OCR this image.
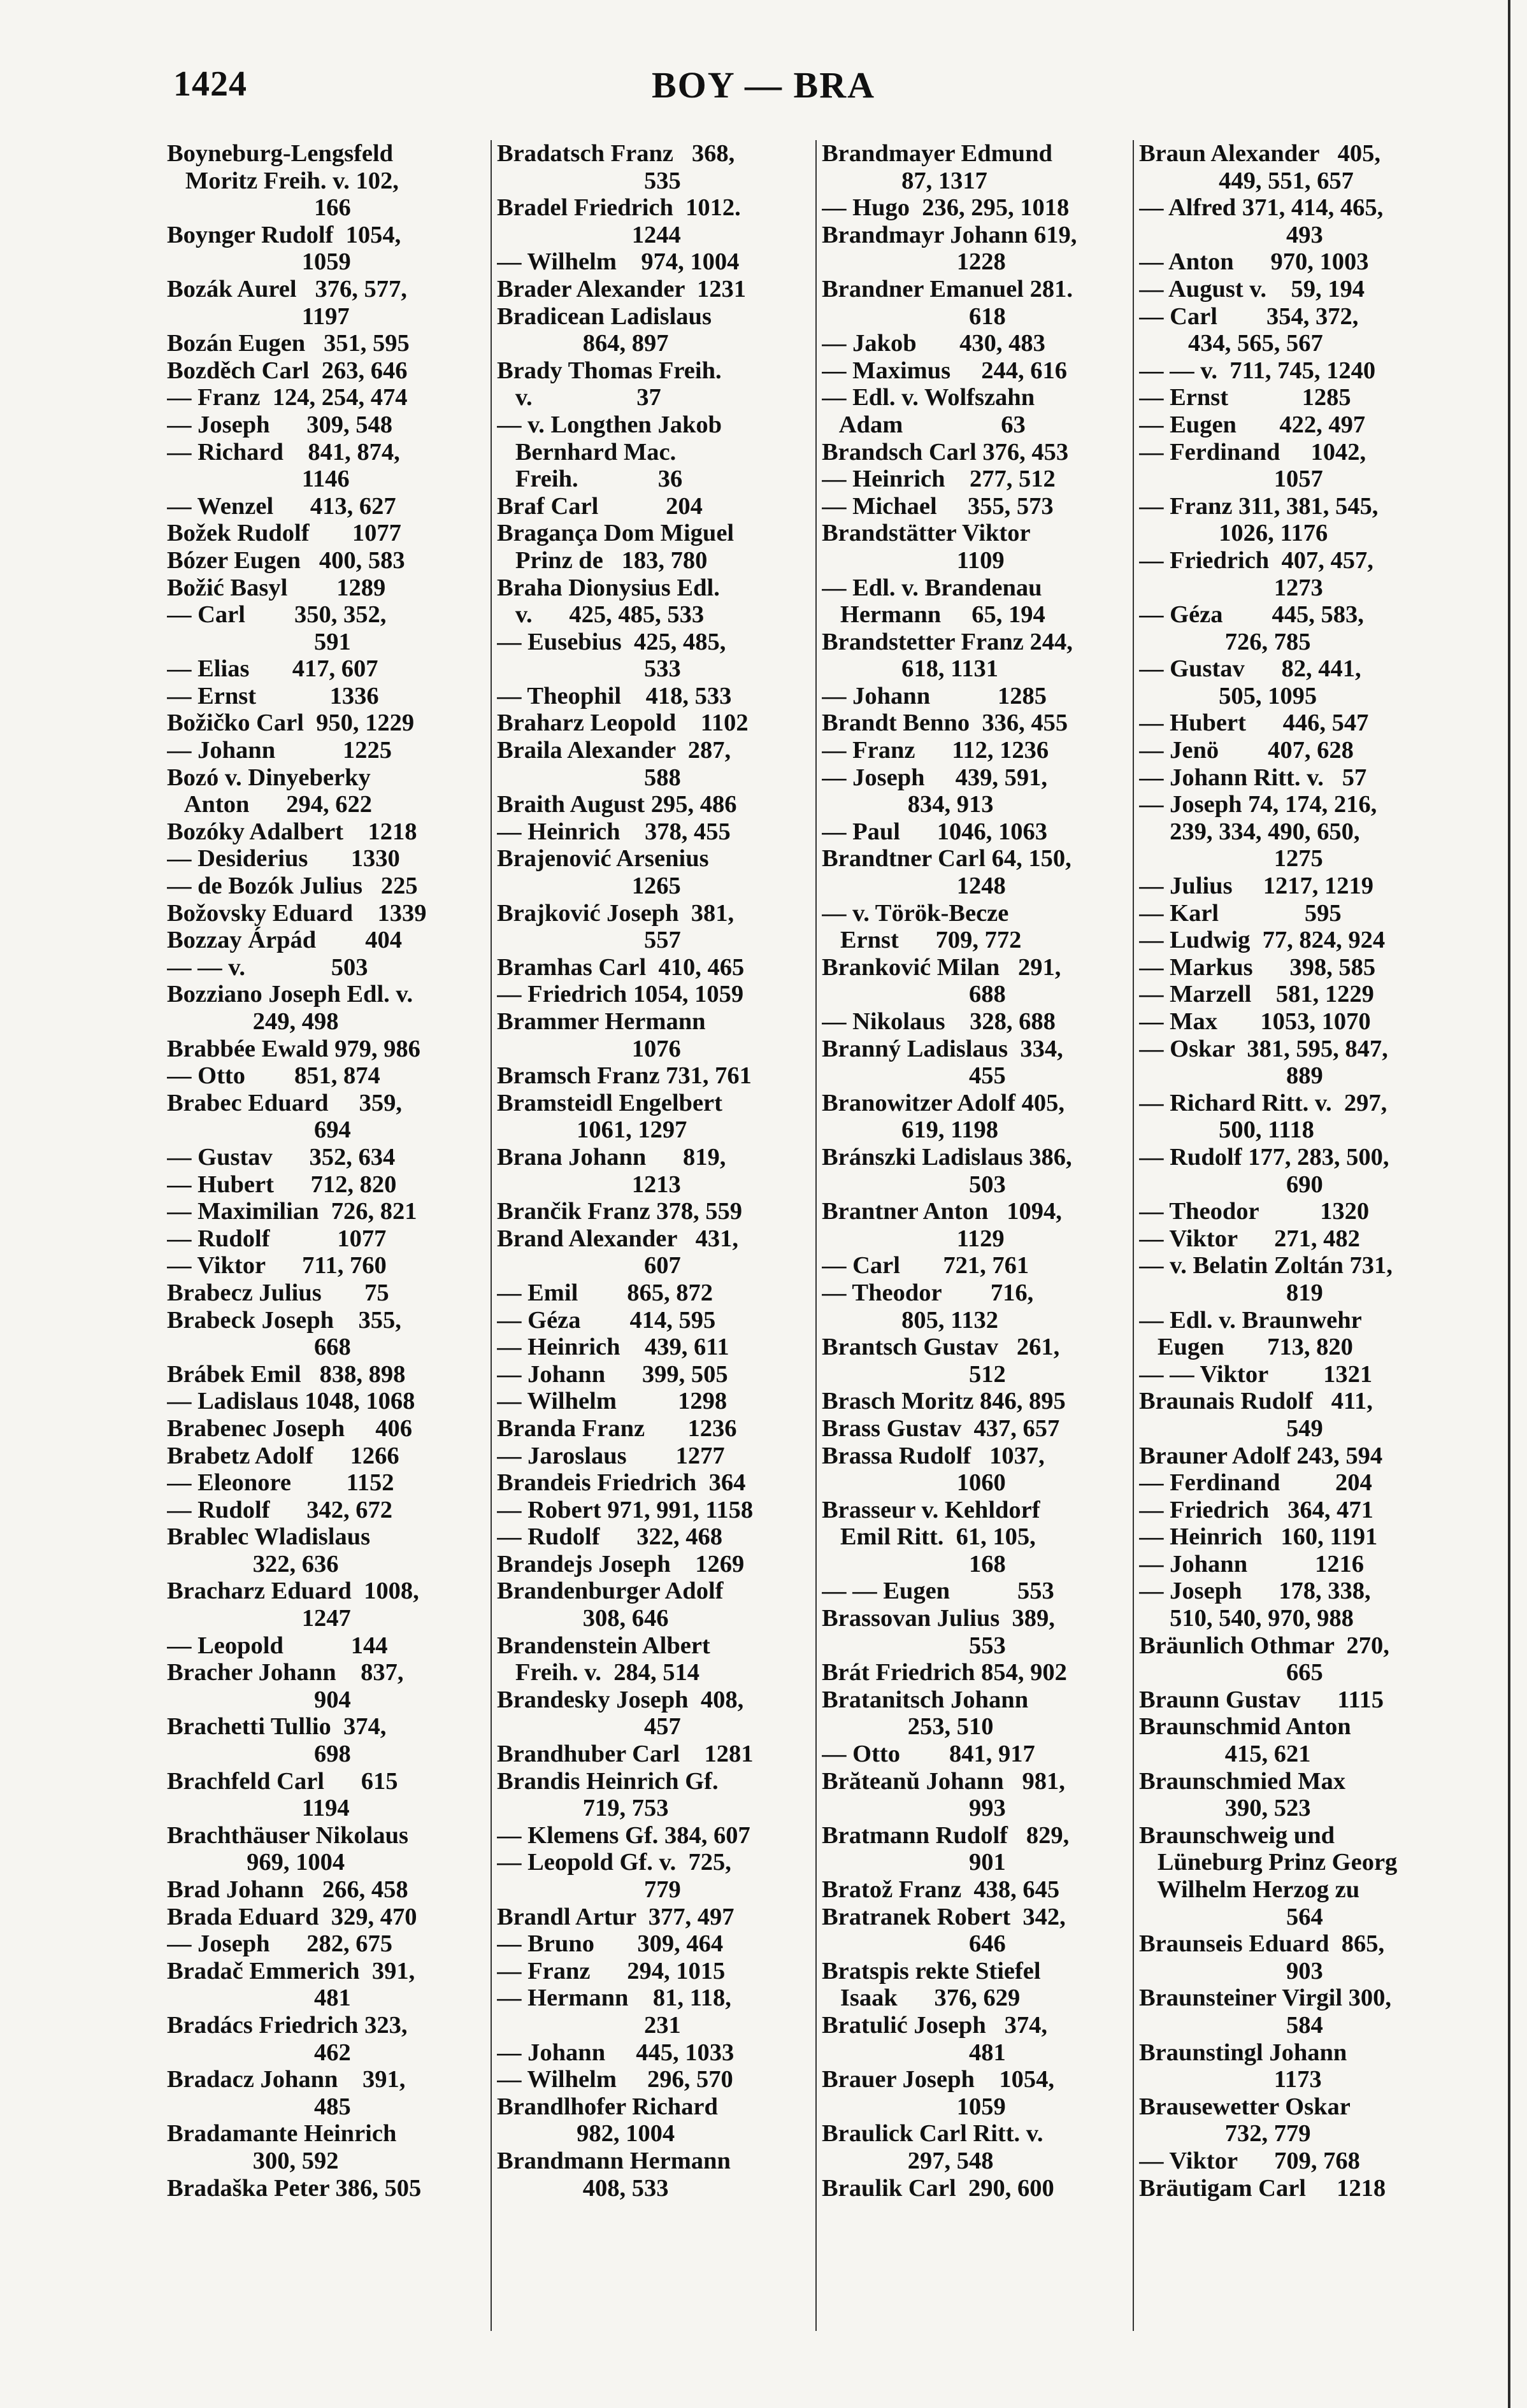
1424	BOY — BRA
Boyneburg-Lengsfeld
Moritz Freih. v. 102,
166
Boynger Rudolf  1054,
1059
Bozák Aurel   376, 577,
1197
Bozán Eugen   351, 595
Bozděch Carl  263, 646
— Franz  124, 254, 474
— Joseph      309, 548
— Richard    841, 874,
1146
— Wenzel      413, 627
Božek Rudolf       1077
Bózer Eugen   400, 583
Božić Basyl        1289
— Carl        350, 352,
591
— Elias       417, 607
— Ernst            1336
Božičko Carl  950, 1229
— Johann           1225
Bozó v. Dinyeberky
Anton      294, 622
Bozóky Adalbert    1218
— Desiderius       1330
— de Bozók Julius   225
Božovsky Eduard    1339
Bozzay Árpád        404
— — v.              503
Bozziano Joseph Edl. v.
249, 498
Brabbée Ewald 979, 986
— Otto        851, 874
Brabec Eduard     359,
694
— Gustav      352, 634
— Hubert      712, 820
— Maximilian  726, 821
— Rudolf           1077
— Viktor      711, 760
Brabecz Julius       75
Brabeck Joseph    355,
668
Brábek Emil   838, 898
— Ladislaus 1048, 1068
Brabenec Joseph     406
Brabetz Adolf      1266
— Eleonore         1152
— Rudolf      342, 672
Brablec Wladislaus
322, 636
Bracharz Eduard  1008,
1247
— Leopold           144
Bracher Johann    837,
904
Brachetti Tullio  374,
698
Brachfeld Carl      615
1194
Brachthäuser Nikolaus
969, 1004
Brad Johann   266, 458
Brada Eduard  329, 470
— Joseph      282, 675
Bradač Emmerich  391,
481
Bradács Friedrich 323,
462
Bradacz Johann    391,
485
Bradamante Heinrich
300, 592
Bradaška Peter 386, 505
Bradatsch Franz   368,
535
Bradel Friedrich  1012.
1244
— Wilhelm    974, 1004
Brader Alexander  1231
Bradicean Ladislaus
864, 897
Brady Thomas Freih.
v.                 37
— v. Longthen Jakob
Bernhard Mac.
Freih.             36
Braf Carl           204
Bragança Dom Miguel
Prinz de   183, 780
Braha Dionysius Edl.
v.      425, 485, 533
— Eusebius  425, 485,
533
— Theophil    418, 533
Braharz Leopold    1102
Braila Alexander  287,
588
Braith August 295, 486
— Heinrich    378, 455
Brajenović Arsenius
1265
Brajković Joseph  381,
557
Bramhas Carl  410, 465
— Friedrich 1054, 1059
Brammer Hermann
1076
Bramsch Franz 731, 761
Bramsteidl Engelbert
1061, 1297
Brana Johann      819,
1213
Brančik Franz 378, 559
Brand Alexander   431,
607
— Emil        865, 872
— Géza        414, 595
— Heinrich    439, 611
— Johann      399, 505
— Wilhelm          1298
Branda Franz       1236
— Jaroslaus        1277
Brandeis Friedrich  364
— Robert 971, 991, 1158
— Rudolf      322, 468
Brandejs Joseph    1269
Brandenburger Adolf
308, 646
Brandenstein Albert
Freih. v.  284, 514
Brandesky Joseph  408,
457
Brandhuber Carl    1281
Brandis Heinrich Gf.
719, 753
— Klemens Gf. 384, 607
— Leopold Gf. v.  725,
779
Brandl Artur  377, 497
— Bruno       309, 464
— Franz      294, 1015
— Hermann    81, 118,
231
— Johann     445, 1033
— Wilhelm     296, 570
Brandlhofer Richard
982, 1004
Brandmann Hermann
408, 533
Brandmayer Edmund
87, 1317
— Hugo  236, 295, 1018
Brandmayr Johann 619,
1228
Brandner Emanuel 281.
618
— Jakob       430, 483
— Maximus     244, 616
— Edl. v. Wolfszahn
Adam                63
Brandsch Carl 376, 453
— Heinrich    277, 512
— Michael     355, 573
Brandstätter Viktor
1109
— Edl. v. Brandenau
Hermann     65, 194
Brandstetter Franz 244,
618, 1131
— Johann           1285
Brandt Benno  336, 455
— Franz      112, 1236
— Joseph     439, 591,
834, 913
— Paul      1046, 1063
Brandtner Carl 64, 150,
1248
— v. Török-Becze
Ernst      709, 772
Branković Milan   291,
688
— Nikolaus    328, 688
Branný Ladislaus  334,
455
Branowitzer Adolf 405,
619, 1198
Bránszki Ladislaus 386,
503
Brantner Anton   1094,
1129
— Carl       721, 761
— Theodor        716,
805, 1132
Brantsch Gustav   261,
512
Brasch Moritz 846, 895
Brass Gustav  437, 657
Brassa Rudolf   1037,
1060
Brasseur v. Kehldorf
Emil Ritt.  61, 105,
168
— — Eugen           553
Brassovan Julius  389,
553
Brát Friedrich 854, 902
Bratanitsch Johann
253, 510
— Otto        841, 917
Brăteanŭ Johann   981,
993
Bratmann Rudolf   829,
901
Bratož Franz  438, 645
Bratranek Robert  342,
646
Bratspis rekte Stiefel
Isaak      376, 629
Bratulić Joseph   374,
481
Brauer Joseph    1054,
1059
Braulick Carl Ritt. v.
297, 548
Braulik Carl  290, 600
Braun Alexander   405,
449, 551, 657
— Alfred 371, 414, 465,
493
— Anton      970, 1003
— August v.    59, 194
— Carl        354, 372,
434, 565, 567
— — v.  711, 745, 1240
— Ernst            1285
— Eugen       422, 497
— Ferdinand     1042,
1057
— Franz 311, 381, 545,
1026, 1176
— Friedrich  407, 457,
1273
— Géza        445, 583,
726, 785
— Gustav      82, 441,
505, 1095
— Hubert      446, 547
— Jenö        407, 628
— Johann Ritt. v.   57
— Joseph 74, 174, 216,
239, 334, 490, 650,
1275
— Julius     1217, 1219
— Karl              595
— Ludwig  77, 824, 924
— Markus      398, 585
— Marzell    581, 1229
— Max       1053, 1070
— Oskar  381, 595, 847,
889
— Richard Ritt. v.  297,
500, 1118
— Rudolf 177, 283, 500,
690
— Theodor          1320
— Viktor      271, 482
— v. Belatin Zoltán 731,
819
— Edl. v. Braunwehr
Eugen       713, 820
— — Viktor         1321
Braunais Rudolf   411,
549
Brauner Adolf 243, 594
— Ferdinand         204
— Friedrich   364, 471
— Heinrich   160, 1191
— Johann           1216
— Joseph      178, 338,
510, 540, 970, 988
Bräunlich Othmar  270,
665
Braunn Gustav      1115
Braunschmid Anton
415, 621
Braunschmied Max
390, 523
Braunschweig und
Lüneburg Prinz Georg
Wilhelm Herzog zu
564
Braunseis Eduard  865,
903
Braunsteiner Virgil 300,
584
Braunstingl Johann
1173
Brausewetter Oskar
732, 779
— Viktor      709, 768
Bräutigam Carl     1218
